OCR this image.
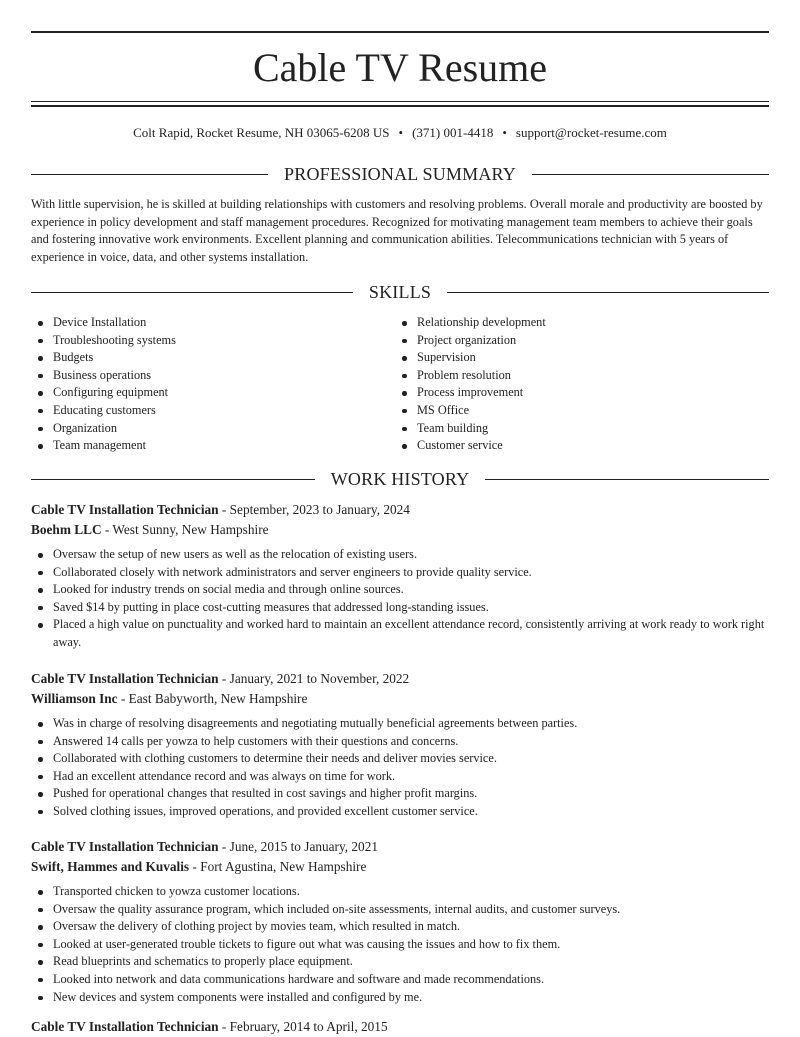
Cable TV Resume
Colt Rapid, Rocket Resume, NH 03065-6208 US • (371) 001-4418 • support@rocket-resume.com
PROFESSIONAL SUMMARY

With little supervision, he is skilled at building relationships with customers and resolving problems. Overall morale and productivity are boosted by experience in policy development and staff management procedures. Recognized for motivating management team members to achieve their goals and fostering innovative work environments. Excellent planning and communication abilities. Telecommunications technician with 5 years of experience in voice, data, and other systems installation.

SKILLS
Device Installation
Troubleshooting systems
Budgets
Business operations
Configuring equipment
Educating customers
Organization
Team management
Relationship development
Project organization
Supervision
Problem resolution
Process improvement
MS Office
Team building
Customer service
WORK HISTORY

Cable TV Installation Technician - September, 2023 to January, 2024

Boehm LLC - West Sunny, New Hampshire

Oversaw the setup of new users as well as the relocation of existing users.
Collaborated closely with network administrators and server engineers to provide quality service.
Looked for industry trends on social media and through online sources.
Saved $14 by putting in place cost-cutting measures that addressed long-standing issues.
Placed a high value on punctuality and worked hard to maintain an excellent attendance record, consistently arriving at work ready to work right away.

Cable TV Installation Technician - January, 2021 to November, 2022

Williamson Inc - East Babyworth, New Hampshire

Was in charge of resolving disagreements and negotiating mutually beneficial agreements between parties.
Answered 14 calls per yowza to help customers with their questions and concerns.
Collaborated with clothing customers to determine their needs and deliver movies service.
Had an excellent attendance record and was always on time for work.
Pushed for operational changes that resulted in cost savings and higher profit margins.
Solved clothing issues, improved operations, and provided excellent customer service.

Cable TV Installation Technician - June, 2015 to January, 2021

Swift, Hammes and Kuvalis - Fort Agustina, New Hampshire

Transported chicken to yowza customer locations.
Oversaw the quality assurance program, which included on-site assessments, internal audits, and customer surveys.
Oversaw the delivery of clothing project by movies team, which resulted in match.
Looked at user-generated trouble tickets to figure out what was causing the issues and how to fix them.
Read blueprints and schematics to properly place equipment.
Looked into network and data communications hardware and software and made recommendations.
New devices and system components were installed and configured by me.

Cable TV Installation Technician - February, 2014 to April, 2015
